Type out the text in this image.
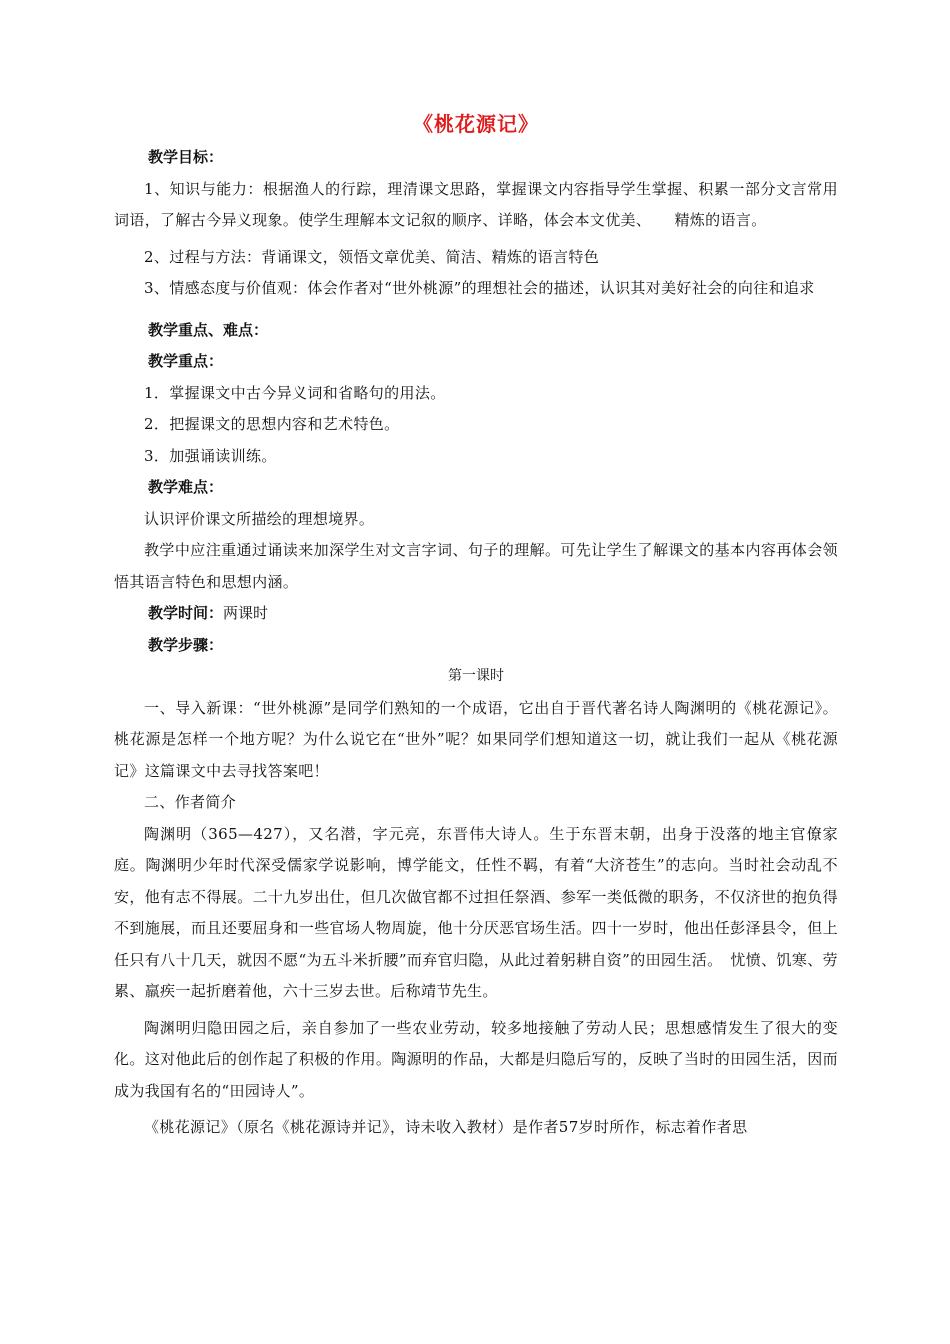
《桃花源记》

教学目标：

1、知识与能力：根据渔人的行踪，理清课文思路，掌握课文内容指导学生掌握、积累一部分文言常用词语，了解古今异义现象。使学生理解本文记叙的顺序、详略，体会本文优美、　　精炼的语言。

2、过程与方法：背诵课文，领悟文章优美、简洁、精炼的语言特色

3、情感态度与价值观：体会作者对“世外桃源”的理想社会的描述，认识其对美好社会的向往和追求

教学重点、难点：

教学重点：

1．掌握课文中古今异义词和省略句的用法。

2．把握课文的思想内容和艺术特色。

3．加强诵读训练。

教学难点：

认识评价课文所描绘的理想境界。

教学中应注重通过诵读来加深学生对文言字词、句子的理解。可先让学生了解课文的基本内容再体会领悟其语言特色和思想内涵。

教学时间：两课时

教学步骤：

第一课时

一、导入新课：“世外桃源”是同学们熟知的一个成语，它出自于晋代著名诗人陶渊明的《桃花源记》。桃花源是怎样一个地方呢？为什么说它在“世外”呢？如果同学们想知道这一切，就让我们一起从《桃花源记》这篇课文中去寻找答案吧！

二、作者简介

陶渊明（365—427），又名潜，字元亮，东晋伟大诗人。生于东晋末朝，出身于没落的地主官僚家庭。陶渊明少年时代深受儒家学说影响，博学能文，任性不羁，有着“大济苍生”的志向。当时社会动乱不安，他有志不得展。二十九岁出仕，但几次做官都不过担任祭酒、参军一类低微的职务，不仅济世的抱负得不到施展，而且还要屈身和一些官场人物周旋，他十分厌恶官场生活。四十一岁时，他出任彭泽县令，但上任只有八十几天，就因不愿“为五斗米折腰”而弃官归隐，从此过着躬耕自资”的田园生活。　忧愤、饥寒、劳累、羸疾一起折磨着他，六十三岁去世。后称靖节先生。

陶渊明归隐田园之后，亲自参加了一些农业劳动，较多地接触了劳动人民；思想感情发生了很大的变化。这对他此后的创作起了积极的作用。陶源明的作品，大都是归隐后写的，反映了当时的田园生活，因而成为我国有名的“田园诗人”。

《桃花源记》（原名《桃花源诗并记》，诗未收入教材）是作者57岁时所作，标志着作者思
